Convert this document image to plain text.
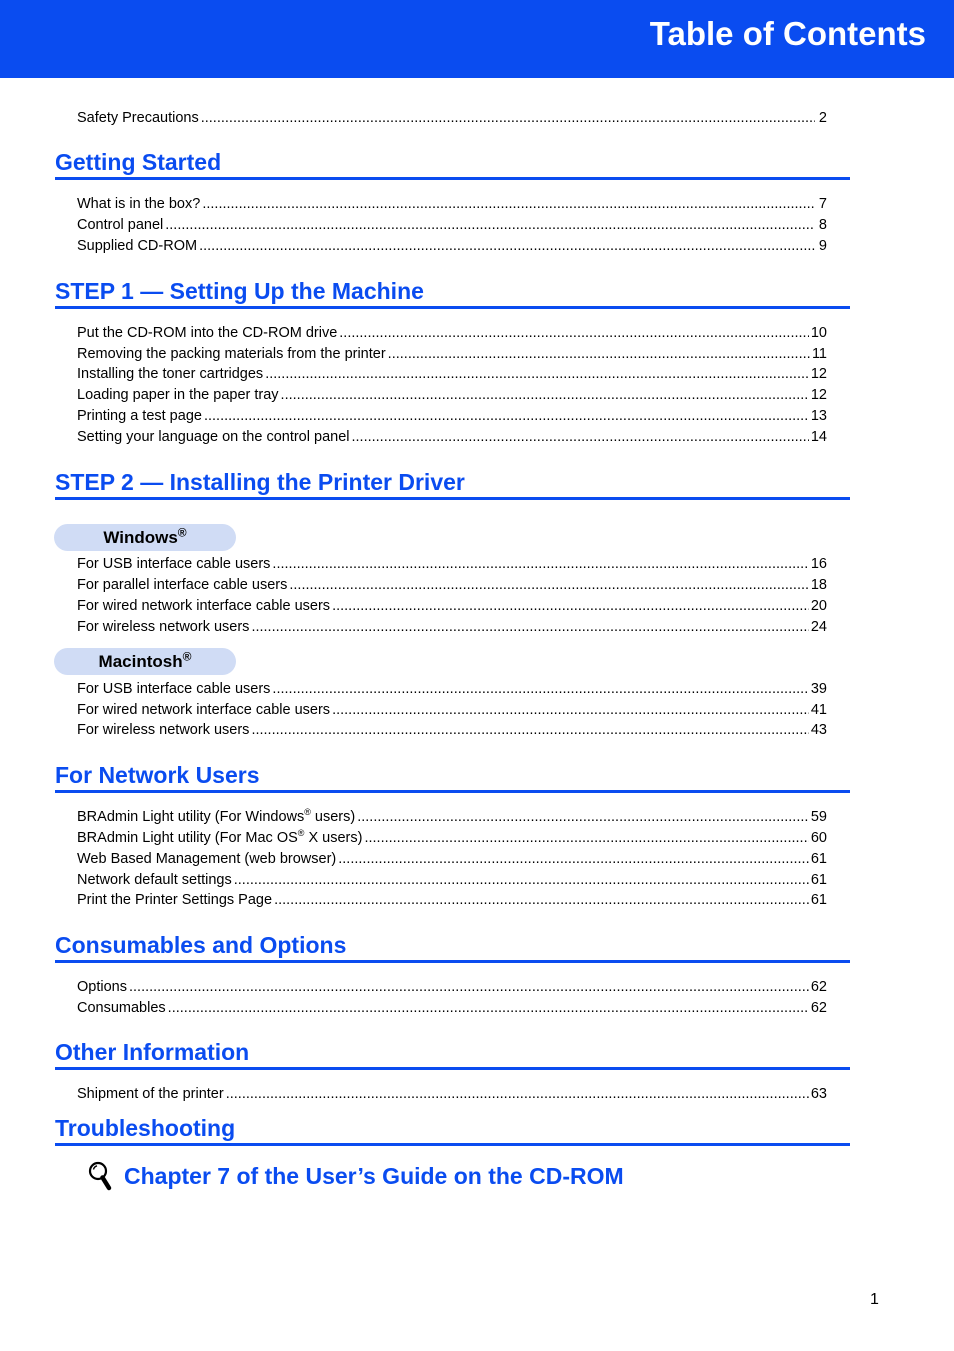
Table of Contents
Safety Precautions .....	2
Getting Started
What is in the box? .....	7
Control panel .....	8
Supplied CD-ROM .....	9
STEP 1 — Setting Up the Machine
Put the CD-ROM into the CD-ROM drive .....	10
Removing the packing materials from the printer .....	11
Installing the toner cartridges .....	12
Loading paper in the paper tray .....	12
Printing a test page .....	13
Setting your language on the control panel .....	14
STEP 2 — Installing the Printer Driver
Windows®
For USB interface cable users .....	16
For parallel interface cable users .....	18
For wired network interface cable users .....	20
For wireless network users .....	24
Macintosh®
For USB interface cable users .....	39
For wired network interface cable users .....	41
For wireless network users .....	43
For Network Users
BRAdmin Light utility (For Windows® users) .....	59
BRAdmin Light utility (For Mac OS® X users) .....	60
Web Based Management (web browser) .....	61
Network default settings .....	61
Print the Printer Settings Page .....	61
Consumables and Options
Options .....	62
Consumables .....	62
Other Information
Shipment of the printer .....	63
Troubleshooting
Chapter 7 of the User’s Guide on the CD-ROM
1
